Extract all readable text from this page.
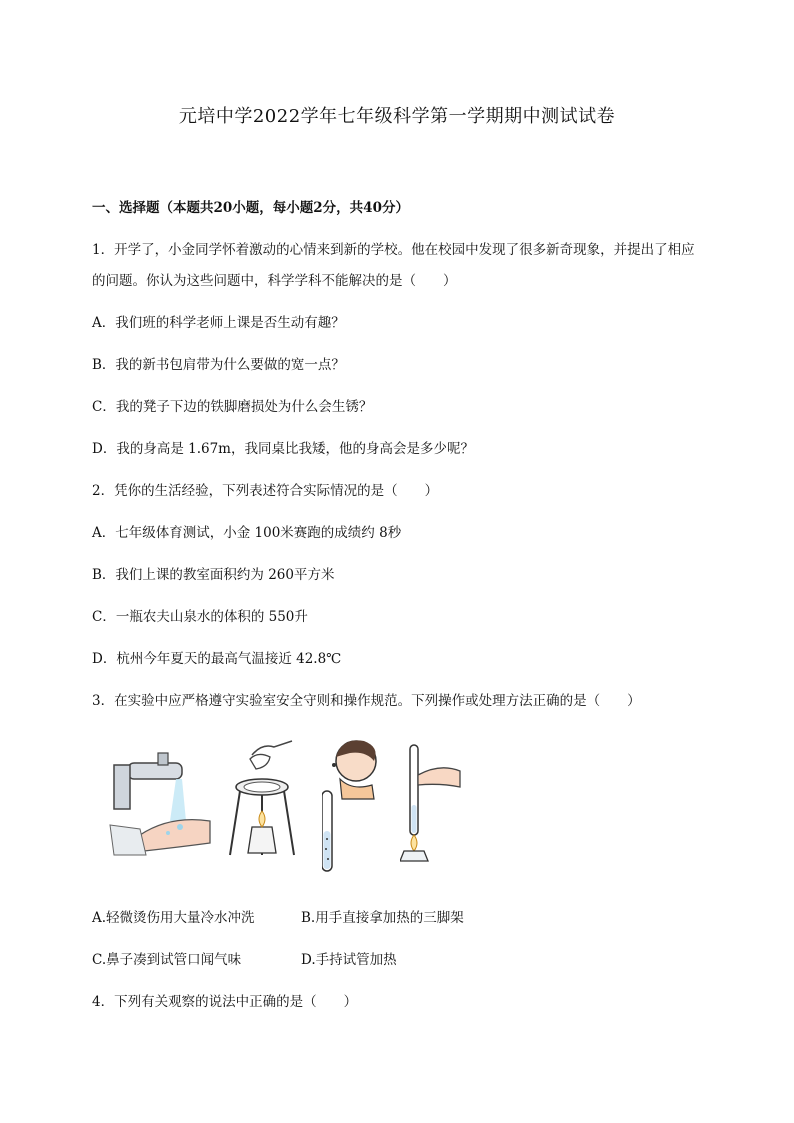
元培中学2022学年七年级科学第一学期期中测试试卷
一、选择题（本题共20小题，每小题2分，共40分）
1．开学了，小金同学怀着激动的心情来到新的学校。他在校园中发现了很多新奇现象，并提出了相应
的问题。你认为这些问题中，科学学科不能解决的是（　　）
A．我们班的科学老师上课是否生动有趣？
B．我的新书包肩带为什么要做的宽一点？
C．我的凳子下边的铁脚磨损处为什么会生锈？
D．我的身高是 1.67m，我同桌比我矮，他的身高会是多少呢？
2．凭你的生活经验，下列表述符合实际情况的是（　　）
A．七年级体育测试，小金 100米赛跑的成绩约 8秒
B．我们上课的教室面积约为 260平方米
C．一瓶农夫山泉水的体积的 550升
D．杭州今年夏天的最高气温接近 42.8℃
3．在实验中应严格遵守实验室安全守则和操作规范。下列操作或处理方法正确的是（　　）
A.轻微烫伤用大量冷水冲洗	B.用手直接拿加热的三脚架
C.鼻子凑到试管口闻气味	D.手持试管加热
4．下列有关观察的说法中正确的是（　　）
